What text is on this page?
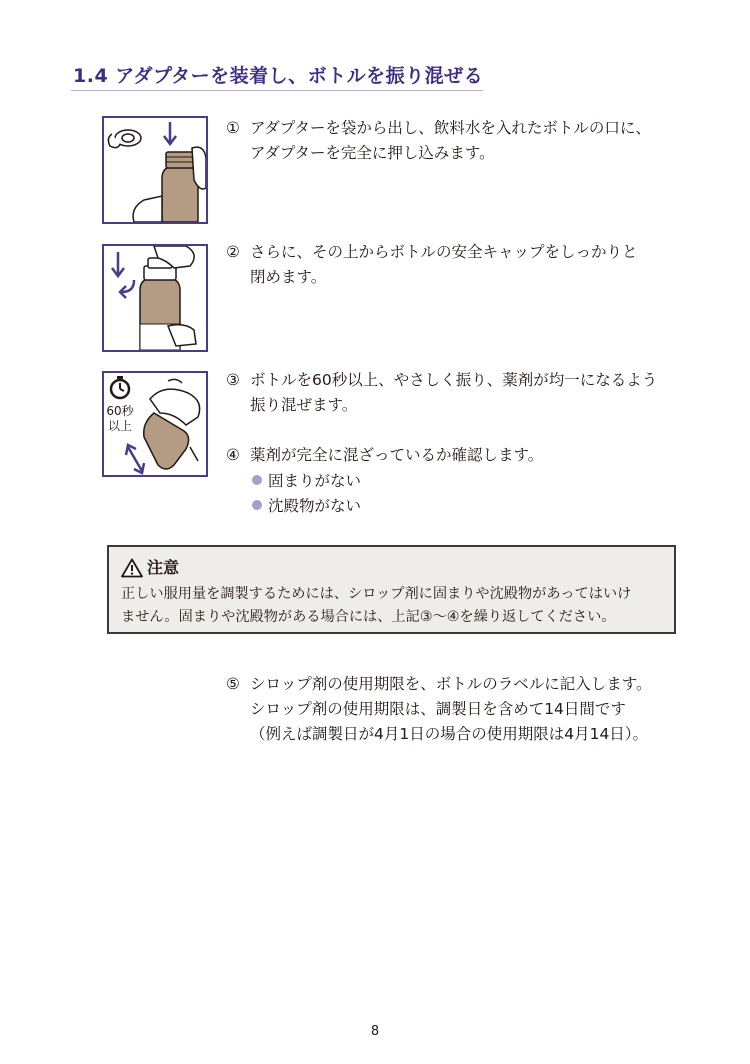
1.4 アダプターを装着し、ボトルを振り混ぜる
60秒
以上
① アダプターを袋から出し、飲料水を入れたボトルの口に、
アダプターを完全に押し込みます。
② さらに、その上からボトルの安全キャップをしっかりと
閉めます。
③ ボトルを60秒以上、やさしく振り、薬剤が均一になるよう
振り混ぜます。
④ 薬剤が完全に混ざっているか確認します。
固まりがない
沈殿物がない
注意
正しい服用量を調製するためには、シロップ剤に固まりや沈殿物があってはいけ
ません。固まりや沈殿物がある場合には、上記③～④を繰り返してください。
⑤ シロップ剤の使用期限を、ボトルのラベルに記入します。
シロップ剤の使用期限は、調製日を含めて14日間です
（例えば調製日が4月1日の場合の使用期限は4月14日）。
8
